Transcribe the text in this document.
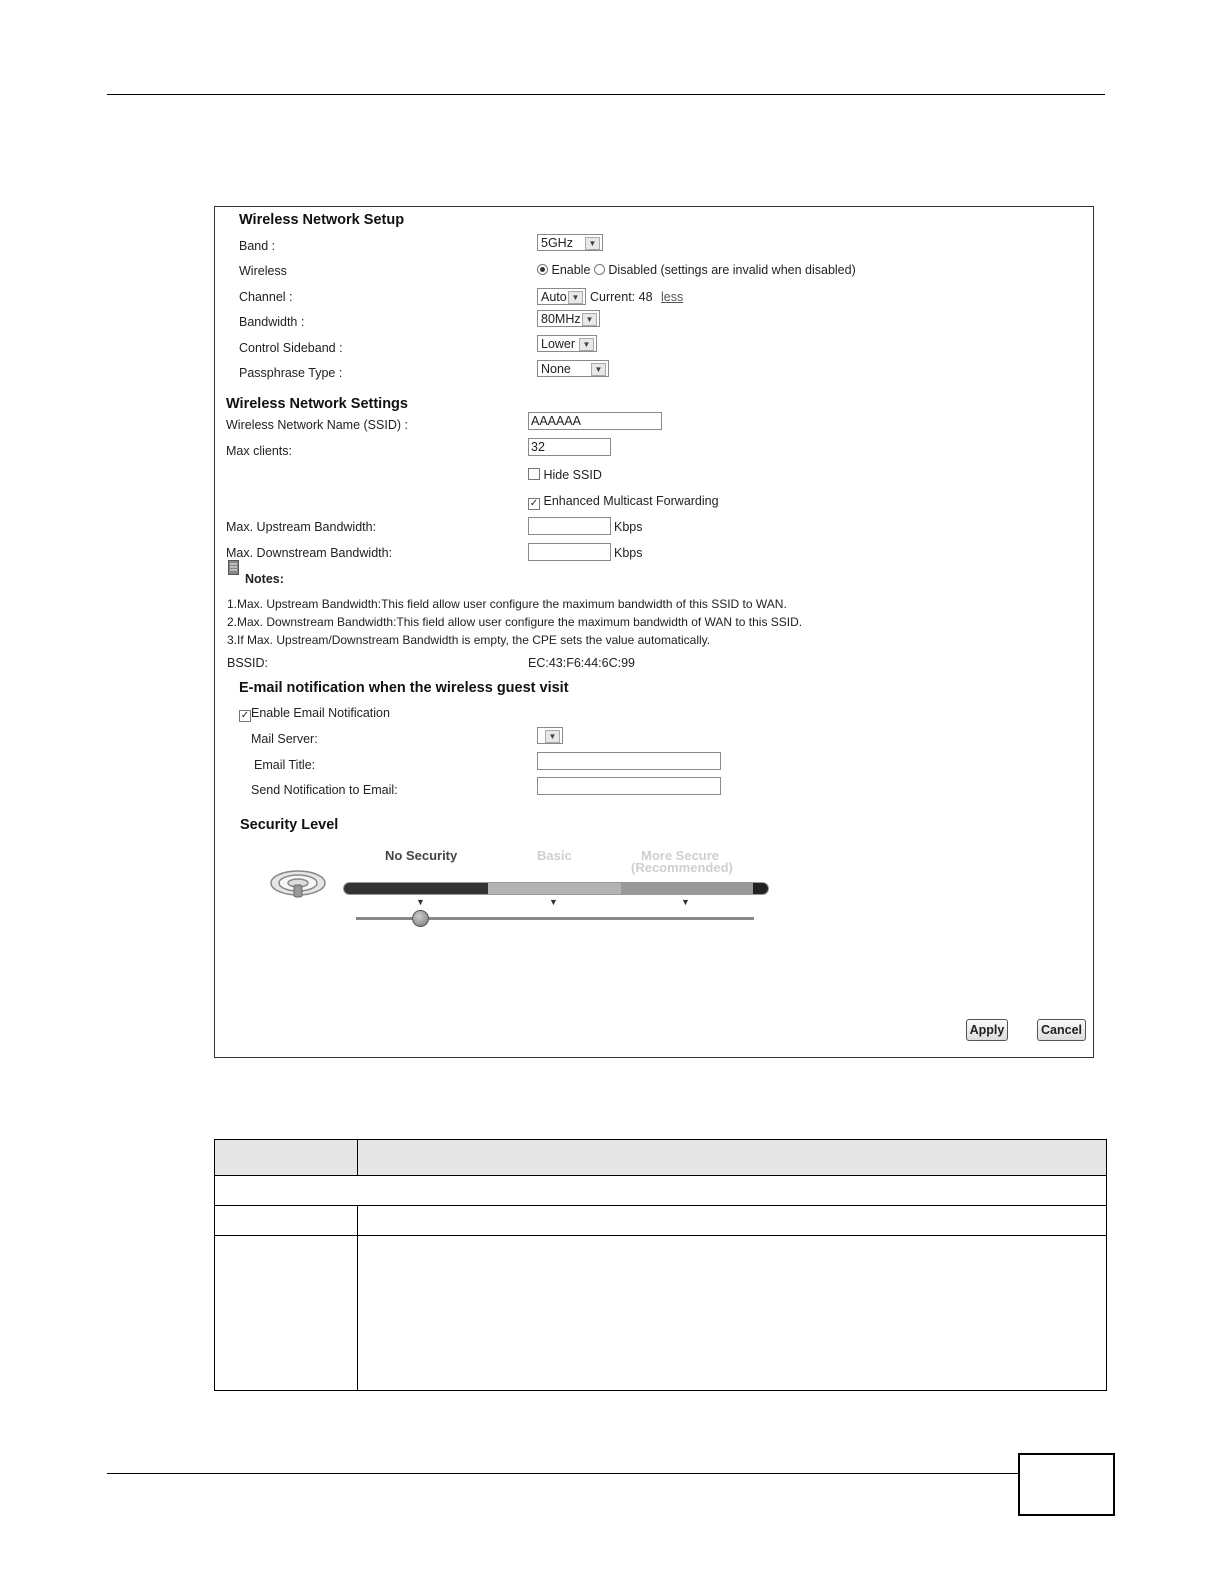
Wireless Network Setup
Band :	5GHz	▼
Wireless	Enable Disabled (settings are invalid when disabled)
Channel :	Auto ▼ Current: 48 less
Bandwidth :	80MHz ▼
Control Sideband :	Lower ▼
Passphrase Type :	None	▼
Wireless Network Settings
Wireless Network Name (SSID) :	AAAAAA
Max clients:	32
Hide SSID
✓ Enhanced Multicast Forwarding
Max. Upstream Bandwidth:	Kbps
Max. Downstream Bandwidth:	Kbps
Notes:
1.Max. Upstream Bandwidth:This field allow user configure the maximum bandwidth of this SSID to WAN.
2.Max. Downstream Bandwidth:This field allow user configure the maximum bandwidth of WAN to this SSID.
3.If Max. Upstream/Downstream Bandwidth is empty, the CPE sets the value automatically.
BSSID:	EC:43:F6:44:6C:99
E-mail notification when the wireless guest visit
✓ Enable Email Notification
Mail Server:	▼
Email Title:
Send Notification to Email:
Security Level
No Security	Basic	More Secure
(Recommended)
▼	▼	▼
Apply	Cancel
